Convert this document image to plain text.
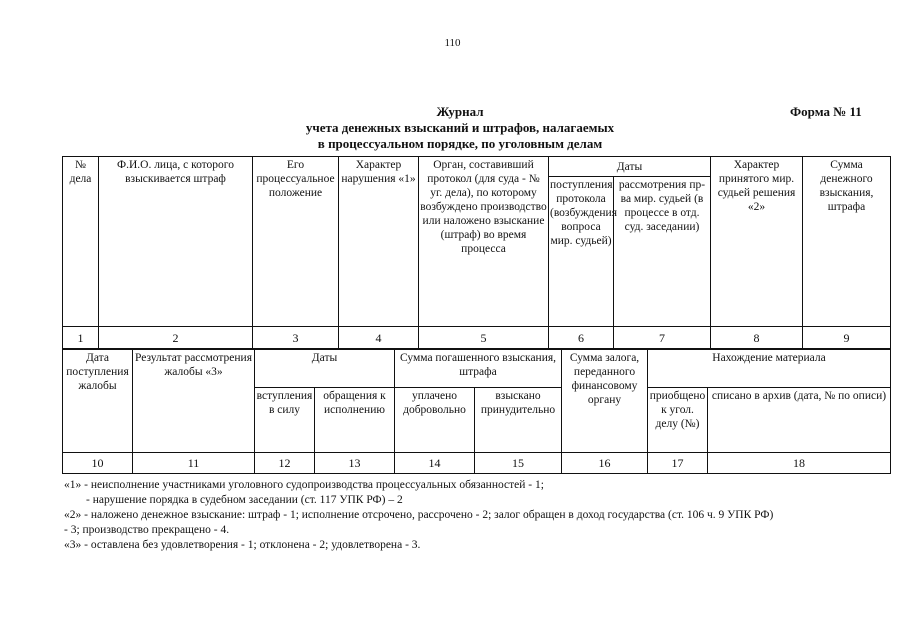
110
Журнал
учета денежных взысканий и штрафов, налагаемых
в процессуальном порядке, по уголовным делам
Форма № 11
№ дела	Ф.И.О. лица, с которого взыскивается штраф	Его процессуальное положение	Характер нарушения «1»	Орган, составивший протокол (для суда - № уг. дела), по которому возбуждено производство или наложено взыскание (штраф) во время процесса	Даты		Характер принятого мир. судьей решения «2»	Сумма денежного взыскания, штрафа
					поступления протокола (возбуждения вопроса мир. судьей)	рассмотрения пр-ва мир. судьей (в процессе в отд. суд. заседании)		
1	2	3	4	5	6	7	8	9
Дата поступления жалобы	Результат рассмотрения жалобы «3»	Даты		Сумма погашенного взыскания, штрафа		Сумма залога, переданного финансовому органу	Нахождение материала	
		вступления в силу	обращения к исполнению	уплачено добровольно	взыскано принудительно		приобщено к угол. делу (№)	списано в архив (дата, № по описи)
10	11	12	13	14	15	16	17	18
«1» - неисполнение участниками уголовного судопроизводства процессуальных обязанностей - 1;
- нарушение порядка в судебном заседании (ст. 117 УПК РФ) – 2
«2» - наложено денежное взыскание: штраф - 1; исполнение отсрочено, рассрочено - 2; залог обращен в доход государства (ст. 106 ч. 9 УПК РФ)
- 3; производство прекращено - 4.
«3» - оставлена без удовлетворения - 1; отклонена - 2; удовлетворена - 3.
